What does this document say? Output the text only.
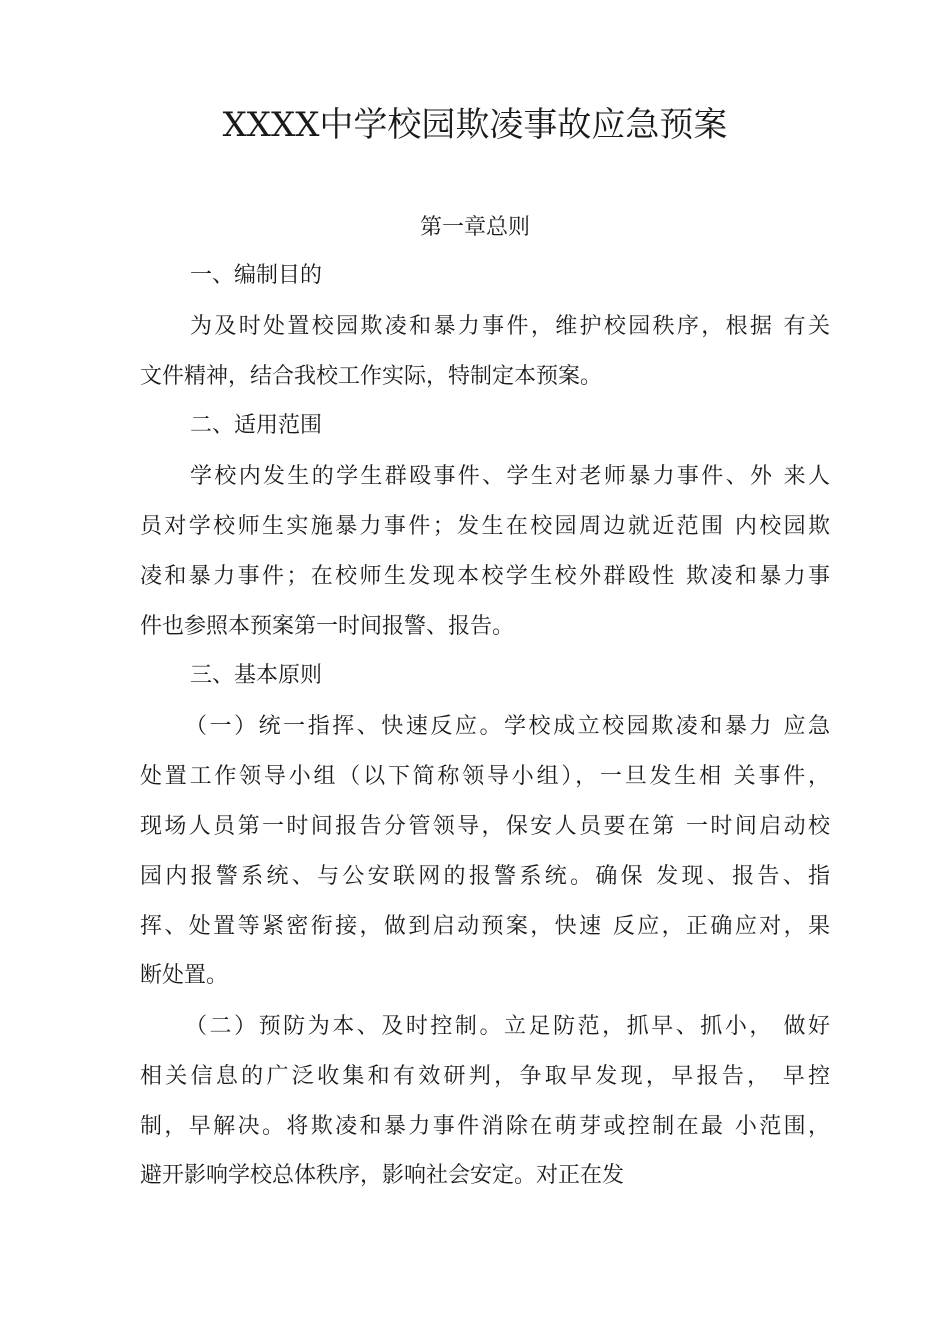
XXXX中学校园欺凌事故应急预案
第一章总则
一、编制目的
为及时处置校园欺凌和暴力事件，维护校园秩序，根据 有关
文件精神，结合我校工作实际，特制定本预案。
二、适用范围
学校内发生的学生群殴事件、学生对老师暴力事件、外 来人
员对学校师生实施暴力事件；发生在校园周边就近范围 内校园欺
凌和暴力事件；在校师生发现本校学生校外群殴性 欺凌和暴力事
件也参照本预案第一时间报警、报告。
三、基本原则
（一）统一指挥、快速反应。学校成立校园欺凌和暴力 应急
处置工作领导小组（以下简称领导小组），一旦发生相 关事件，
现场人员第一时间报告分管领导，保安人员要在第 一时间启动校
园内报警系统、与公安联网的报警系统。确保 发现、报告、指
挥、处置等紧密衔接，做到启动预案，快速 反应，正确应对，果
断处置。
（二）预防为本、及时控制。立足防范，抓早、抓小， 做好
相关信息的广泛收集和有效研判，争取早发现，早报告， 早控
制，早解决。将欺凌和暴力事件消除在萌芽或控制在最 小范围，
避开影响学校总体秩序，影响社会安定。对正在发
